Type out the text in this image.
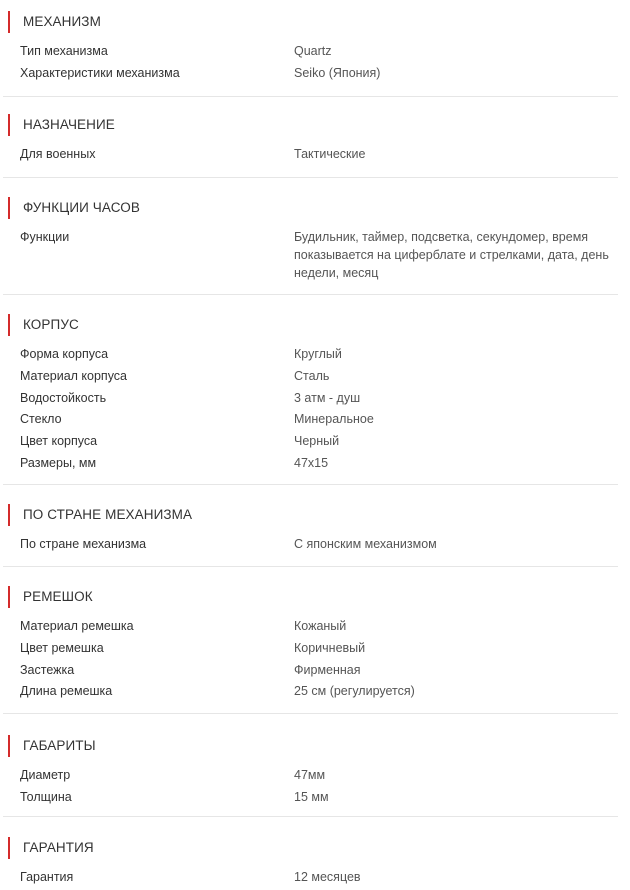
МЕХАНИЗМ
Тип механизма	Quartz
Характеристики механизма	Seiko (Япония)
НАЗНАЧЕНИЕ
Для военных	Тактические
ФУНКЦИИ ЧАСОВ
Функции	Будильник, таймер, подсветка, секундомер, время показывается на циферблате и стрелками, дата, день недели, месяц
КОРПУС
Форма корпуса	Круглый
Материал корпуса	Сталь
Водостойкость	3 атм - душ
Стекло	Минеральное
Цвет корпуса	Черный
Размеры, мм	47x15
ПО СТРАНЕ МЕХАНИЗМА
По стране механизма	С японским механизмом
РЕМЕШОК
Материал ремешка	Кожаный
Цвет ремешка	Коричневый
Застежка	Фирменная
Длина ремешка	25 см (регулируется)
ГАБАРИТЫ
Диаметр	47мм
Толщина	15 мм
ГАРАНТИЯ
Гарантия	12 месяцев
